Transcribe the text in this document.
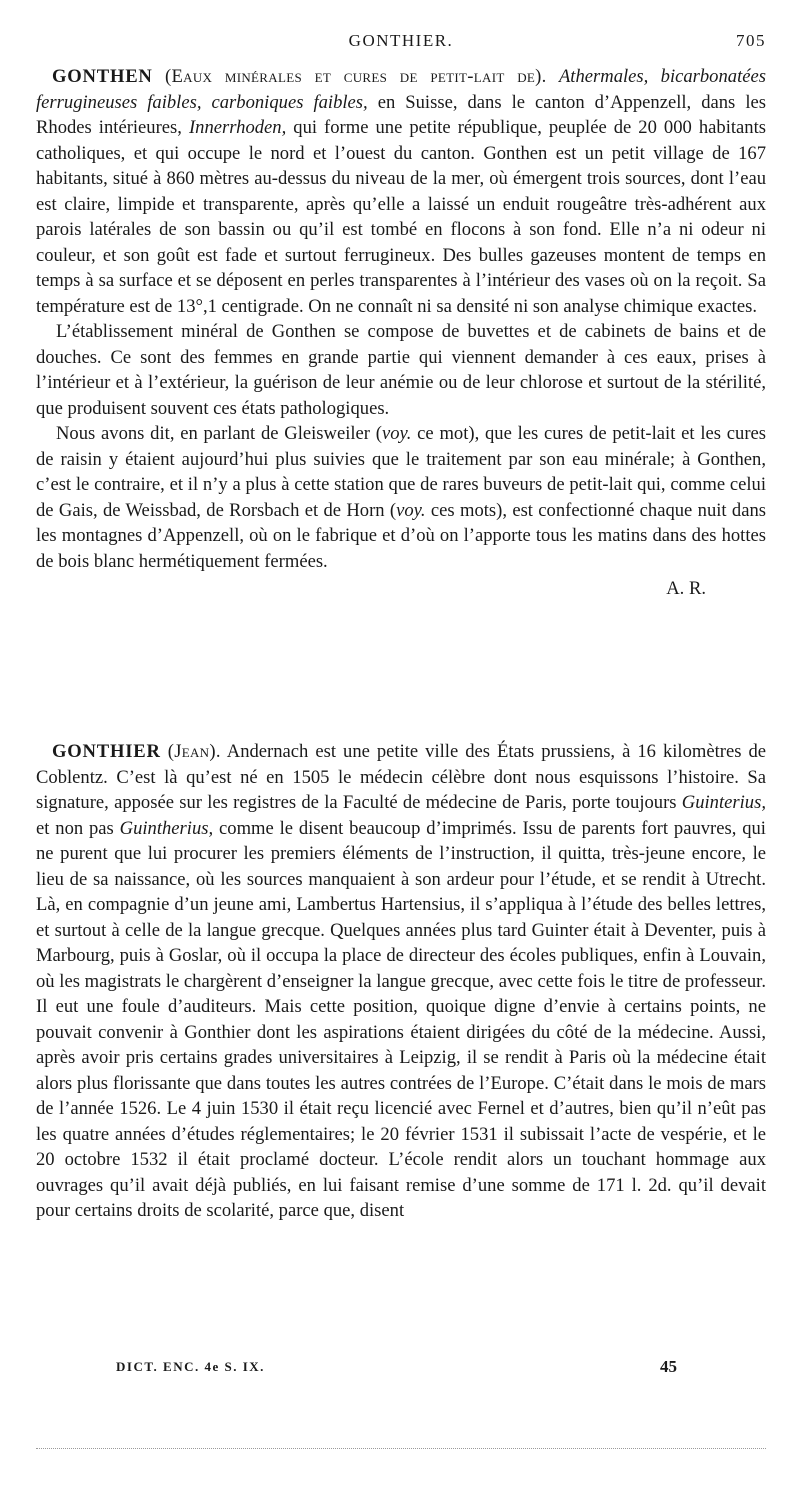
GONTHIER.	705

GONTHEN (Eaux minérales et cures de petit-lait de). Athermales, bicarbonatées ferrugineuses faibles, carboniques faibles, en Suisse, dans le canton d’Appenzell, dans les Rhodes intérieures, Innerrhoden, qui forme une petite république, peuplée de 20 000 habitants catholiques, et qui occupe le nord et l’ouest du canton. Gonthen est un petit village de 167 habitants, situé à 860 mètres au-dessus du niveau de la mer, où émergent trois sources, dont l’eau est claire, limpide et transparente, après qu’elle a laissé un enduit rougeâtre très-adhérent aux parois latérales de son bassin ou qu’il est tombé en flocons à son fond. Elle n’a ni odeur ni couleur, et son goût est fade et surtout ferrugineux. Des bulles gazeuses montent de temps en temps à sa surface et se déposent en perles transparentes à l’intérieur des vases où on la reçoit. Sa température est de 13°,1 centigrade. On ne connaît ni sa densité ni son analyse chimique exactes.

L’établissement minéral de Gonthen se compose de buvettes et de cabinets de bains et de douches. Ce sont des femmes en grande partie qui viennent demander à ces eaux, prises à l’intérieur et à l’extérieur, la guérison de leur anémie ou de leur chlorose et surtout de la stérilité, que produisent souvent ces états pathologiques.

Nous avons dit, en parlant de Gleisweiler (voy. ce mot), que les cures de petit-lait et les cures de raisin y étaient aujourd’hui plus suivies que le traitement par son eau minérale; à Gonthen, c’est le contraire, et il n’y a plus à cette station que de rares buveurs de petit-lait qui, comme celui de Gais, de Weissbad, de Rorsbach et de Horn (voy. ces mots), est confectionné chaque nuit dans les montagnes d’Appenzell, où on le fabrique et d’où on l’apporte tous les matins dans des hottes de bois blanc hermétiquement fermées.

A. R.

GONTHIER (Jean). Andernach est une petite ville des États prussiens, à 16 kilomètres de Coblentz. C’est là qu’est né en 1505 le médecin célèbre dont nous esquissons l’histoire. Sa signature, apposée sur les registres de la Faculté de médecine de Paris, porte toujours Guinterius, et non pas Guintherius, comme le disent beaucoup d’imprimés. Issu de parents fort pauvres, qui ne purent que lui procurer les premiers éléments de l’instruction, il quitta, très-jeune encore, le lieu de sa naissance, où les sources manquaient à son ardeur pour l’étude, et se rendit à Utrecht. Là, en compagnie d’un jeune ami, Lambertus Hartensius, il s’appliqua à l’étude des belles lettres, et surtout à celle de la langue grecque. Quelques années plus tard Guinter était à Deventer, puis à Marbourg, puis à Goslar, où il occupa la place de directeur des écoles publiques, enfin à Louvain, où les magistrats le chargèrent d’enseigner la langue grecque, avec cette fois le titre de professeur. Il eut une foule d’auditeurs. Mais cette position, quoique digne d’envie à certains points, ne pouvait convenir à Gonthier dont les aspirations étaient dirigées du côté de la médecine. Aussi, après avoir pris certains grades universitaires à Leipzig, il se rendit à Paris où la médecine était alors plus florissante que dans toutes les autres contrées de l’Europe. C’était dans le mois de mars de l’année 1526. Le 4 juin 1530 il était reçu licencié avec Fernel et d’autres, bien qu’il n’eût pas les quatre années d’études réglementaires; le 20 février 1531 il subissait l’acte de vespérie, et le 20 octobre 1532 il était proclamé docteur. L’école rendit alors un touchant hommage aux ouvrages qu’il avait déjà publiés, en lui faisant remise d’une somme de 171 l. 2d. qu’il devait pour certains droits de scolarité, parce que, disent

DICT. ENC. 4e S. IX.	45
